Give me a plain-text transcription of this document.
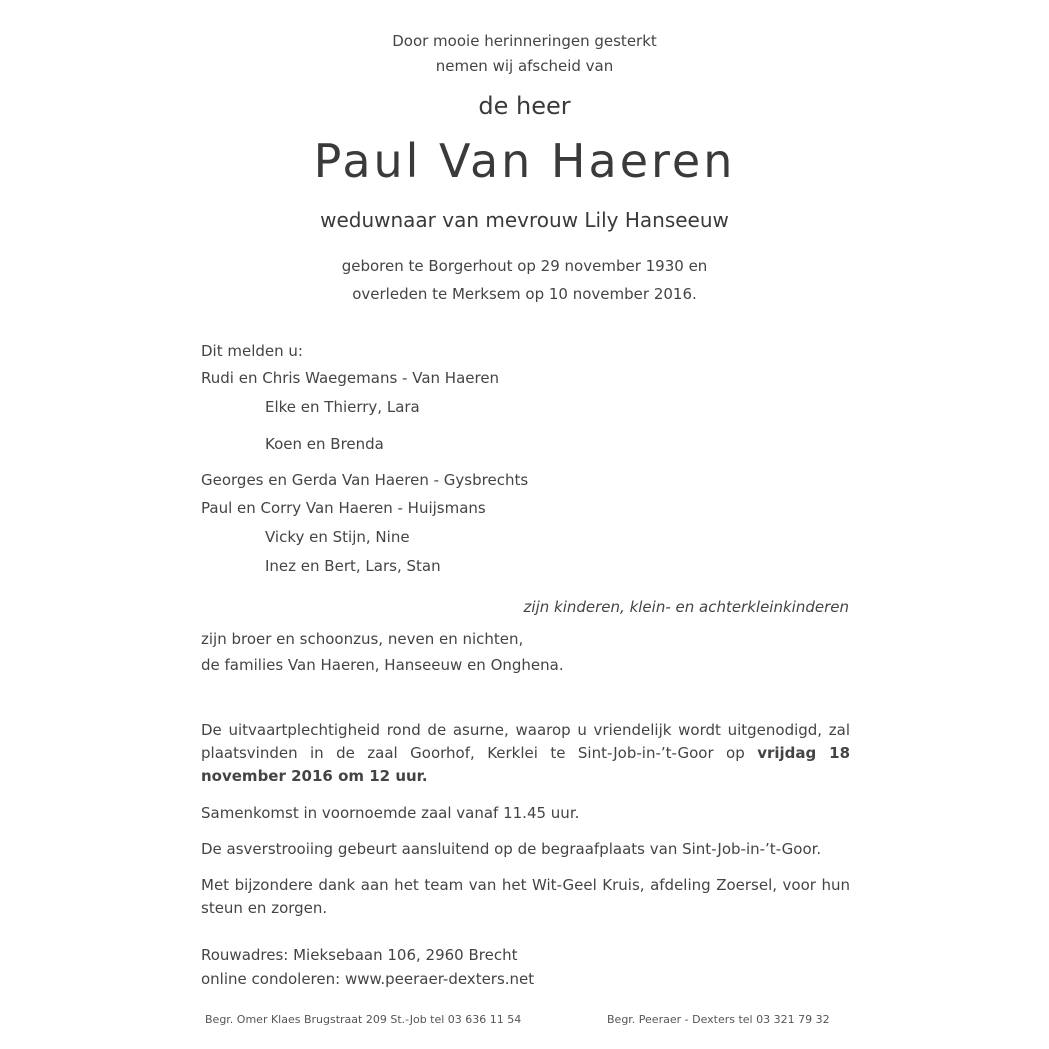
Door mooie herinneringen gesterkt
nemen wij afscheid van
de heer
Paul Van Haeren
weduwnaar van mevrouw Lily Hanseeuw
geboren te Borgerhout op 29 november 1930 en
overleden te Merksem op 10 november 2016.
Dit melden u:
Rudi en Chris Waegemans - Van Haeren
Elke en Thierry, Lara
Koen en Brenda
Georges en Gerda Van Haeren - Gysbrechts
Paul en Corry Van Haeren - Huijsmans
Vicky en Stijn, Nine
Inez en Bert, Lars, Stan
zijn kinderen, klein- en achterkleinkinderen
zijn broer en schoonzus, neven en nichten,
de families Van Haeren, Hanseeuw en Onghena.
De uitvaartplechtigheid rond de asurne, waarop u vriendelijk wordt uitgenodigd, zal plaatsvinden in de zaal Goorhof, Kerklei te Sint-Job-in-’t-Goor op vrijdag 18 november 2016 om 12 uur.
Samenkomst in voornoemde zaal vanaf 11.45 uur.
De asverstrooiing gebeurt aansluitend op de begraafplaats van Sint-Job-in-’t-Goor.
Met bijzondere dank aan het team van het Wit-Geel Kruis, afdeling Zoersel, voor hun steun en zorgen.
Rouwadres: Mieksebaan 106, 2960 Brecht
online condoleren: www.peeraer-dexters.net
Begr. Omer Klaes Brugstraat 209 St.-Job tel 03 636 11 54	Begr. Peeraer - Dexters tel 03 321 79 32
